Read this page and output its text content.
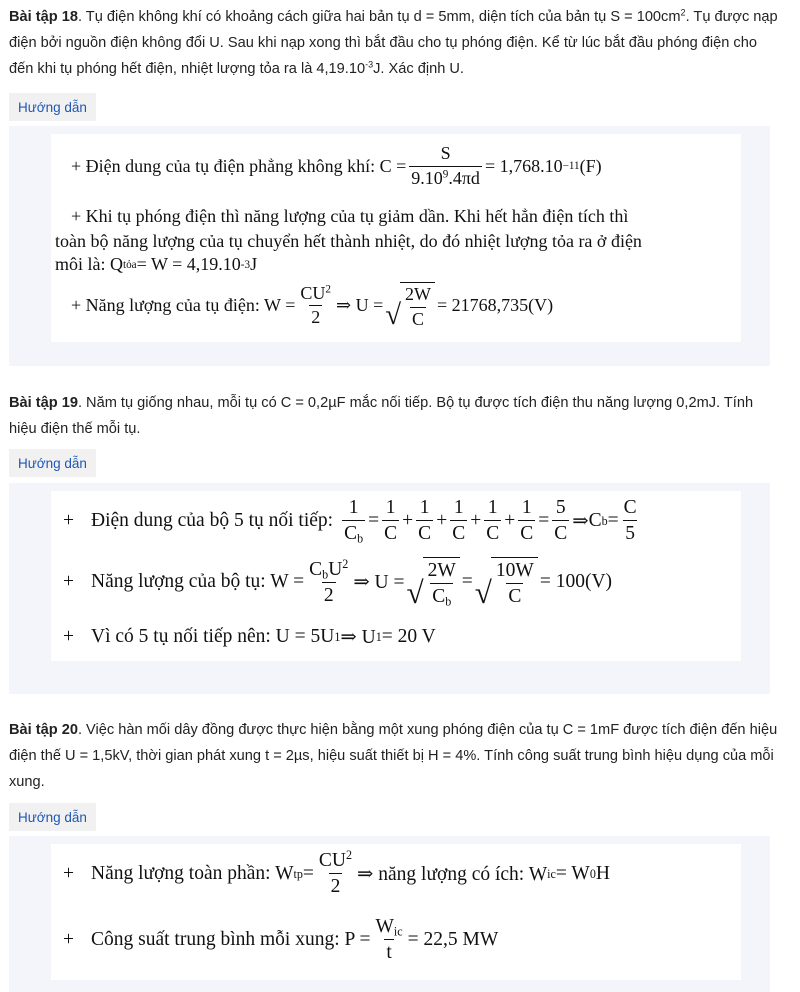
Bài tập 18. Tụ điện không khí có khoảng cách giữa hai bản tụ d = 5mm, diện tích của bản tụ $S = 100cm^2$. Tụ được nạp điện bởi nguồn điện không đổi U. Sau khi nạp xong thì bắt đầu cho tụ phóng điện. Kể từ lúc bắt đầu phóng điện cho đến khi tụ phóng hết điện, nhiệt lượng tỏa ra là $4,19.10^{-3}J$. Xác định U.
Hướng dẫn
+ Điện dung của tụ điện phẳng không khí: $C = \frac{S}{9.10^9.4\pi d} = 1,768.10 -11$ (F)
+ Khi tụ phóng điện thì năng lượng của tụ giảm dần. Khi hết hẳn điện tích thì
toàn bộ năng lượng của tụ chuyển hết thành nhiệt, do đó nhiệt lượng tỏa ra ở điện
môi là: Q tỏa = W = 4,19.10 -3 J
+ Năng lượng của tụ điện: $W = \frac{CU^2}{2}$ ⇒ U = √ $\frac{2W}{C} = 21768,735(V)$
Bài tập 19. Năm tụ giống nhau, mỗi tụ có C = 0,2µF mắc nối tiếp. Bộ tụ được tích điện thu năng lượng 0,2mJ. Tính hiệu điện thế mỗi tụ.
Hướng dẫn
+ Điện dung của bộ 5 tụ nối tiếp: $\frac{1}{C_b} = \frac{1}{C} + \frac{1}{C} + \frac{1}{C} + \frac{1}{C} + \frac{1}{C} = \frac{5}{C}$ ⇒ C $b = \frac{C}{5}$
+ Năng lượng của bộ tụ: $W = \frac{C_bU^2}{2}$ ⇒ U = √ $\frac{2W}{C_b}$ = √ $\frac{10W}{C} = 100(V)$
+ Vì có 5 tụ nối tiếp nên: U = 5U 1 ⇒ U 1 = 20 V
Bài tập 20. Việc hàn mối dây đồng được thực hiện bằng một xung phóng điện của tụ C = 1mF được tích điện đến hiệu điện thế U = 1,5kV, thời gian phát xung t = 2µs, hiệu suất thiết bị H = 4%. Tính công suất trung bình hiệu dụng của mỗi xung.
Hướng dẫn
+ Năng lượng toàn phần: W tp = $\frac{CU^2}{2}$ ⇒ năng lượng có ích: W ic = W 0 H
+ Công suất trung bình mỗi xung: $P = \frac{W_{ic}}{t} = 22,5$ MW
